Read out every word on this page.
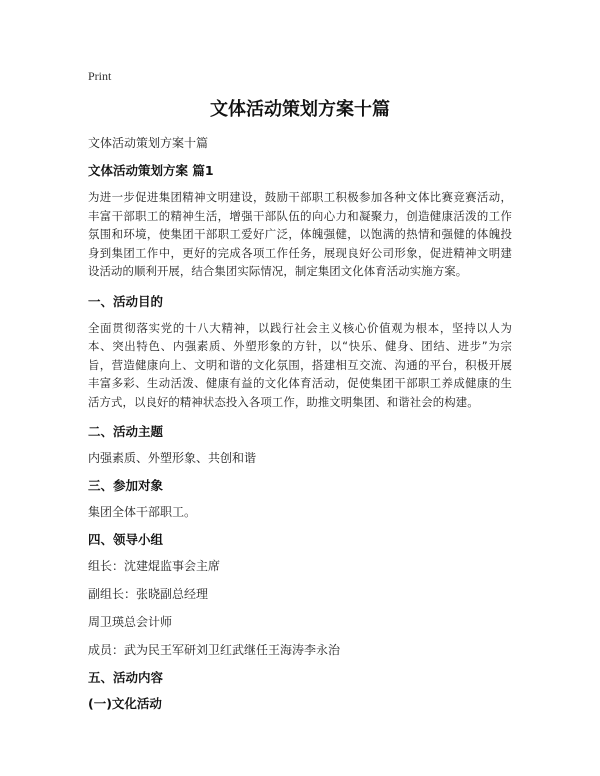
Print
文体活动策划方案十篇
文体活动策划方案十篇
文体活动策划方案 篇1
为进一步促进集团精神文明建设，鼓励干部职工积极参加各种文体比赛竞赛活动，丰富干部职工的精神生活，增强干部队伍的向心力和凝聚力，创造健康活泼的工作氛围和环境，使集团干部职工爱好广泛，体魄强健，以饱满的热情和强健的体魄投身到集团工作中，更好的完成各项工作任务，展现良好公司形象，促进精神文明建设活动的顺利开展，结合集团实际情况，制定集团文化体育活动实施方案。
一、活动目的
全面贯彻落实党的十八大精神，以践行社会主义核心价值观为根本，坚持以人为本、突出特色、内强素质、外塑形象的方针，以“快乐、健身、团结、进步”为宗旨，营造健康向上、文明和谐的文化氛围，搭建相互交流、沟通的平台，积极开展丰富多彩、生动活泼、健康有益的文化体育活动，促使集团干部职工养成健康的生活方式，以良好的精神状态投入各项工作，助推文明集团、和谐社会的构建。
二、活动主题
内强素质、外塑形象、共创和谐
三、参加对象
集团全体干部职工。
四、领导小组
组长：沈建焜监事会主席
副组长：张晓副总经理
周卫瑛总会计师
成员：武为民王军研刘卫红武继任王海涛李永治
五、活动内容
(一)文化活动
